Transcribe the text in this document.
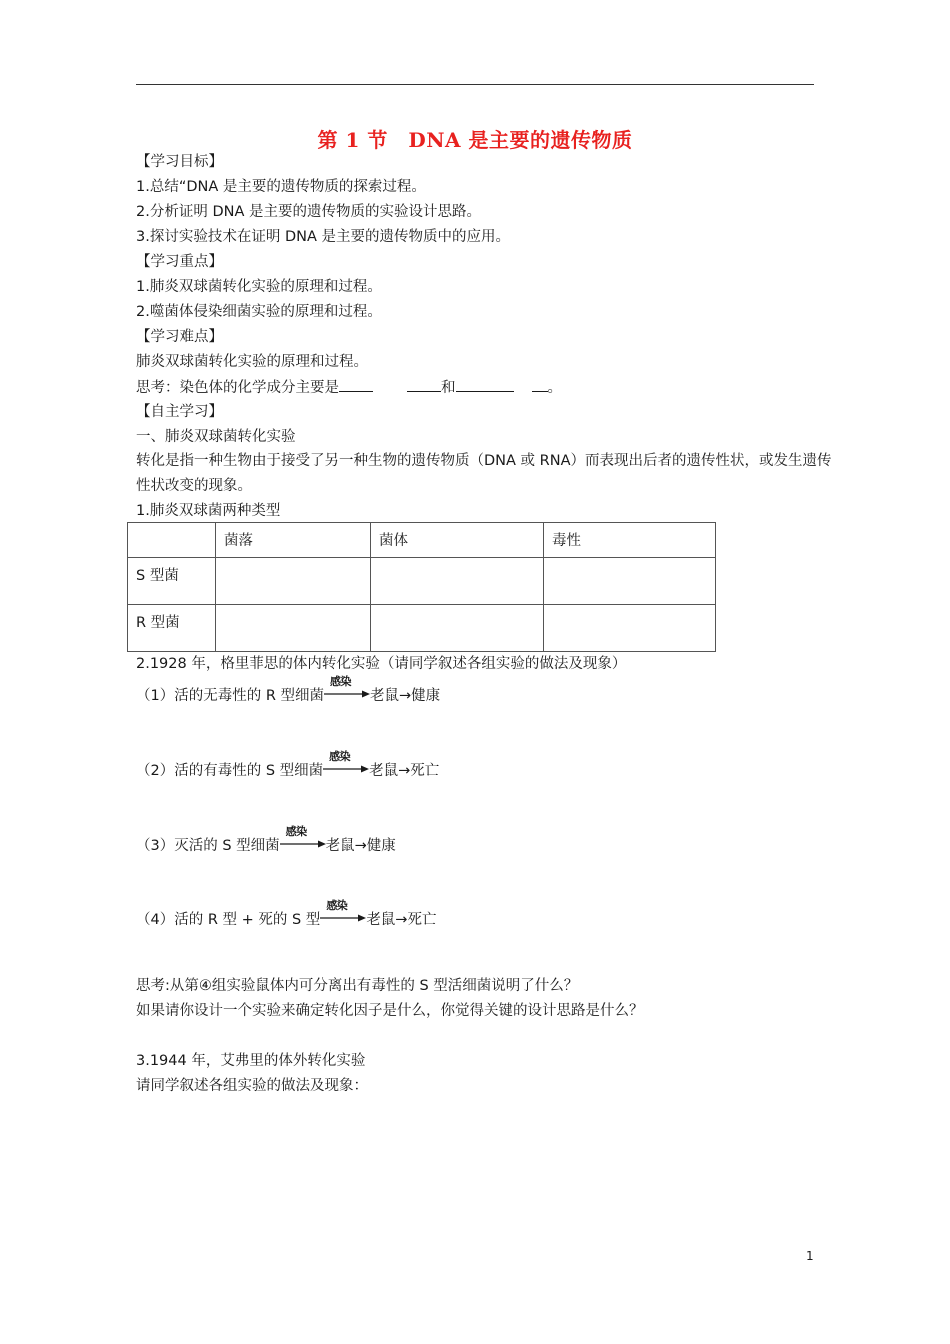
第 1 节　DNA 是主要的遗传物质
【学习目标】
1.总结“DNA 是主要的遗传物质的探索过程。
2.分析证明 DNA 是主要的遗传物质的实验设计思路。
3.探讨实验技术在证明 DNA 是主要的遗传物质中的应用。
【学习重点】
1.肺炎双球菌转化实验的原理和过程。
2.噬菌体侵染细菌实验的原理和过程。
【学习难点】
肺炎双球菌转化实验的原理和过程。
思考：染色体的化学成分主要是	和	。
【自主学习】
一、肺炎双球菌转化实验
转化是指一种生物由于接受了另一种生物的遗传物质（DNA 或 RNA）而表现出后者的遗传性状，或发生遗传性状改变的现象。
1.肺炎双球菌两种类型
	菌落	菌体	毒性
S 型菌			
R 型菌			
2.1928 年，格里菲思的体内转化实验（请同学叙述各组实验的做法及现象）
（1）活的无毒性的 R 型细菌
感染
老鼠→健康
（2）活的有毒性的 S 型细菌
感染
老鼠→死亡
（3）灭活的 S 型细菌
感染
老鼠→健康
（4）活的 R 型 + 死的 S 型
感染
老鼠→死亡
思考:从第④组实验鼠体内可分离出有毒性的 S 型活细菌说明了什么？
如果请你设计一个实验来确定转化因子是什么，你觉得关键的设计思路是什么？
3.1944 年，艾弗里的体外转化实验
请同学叙述各组实验的做法及现象：
1
